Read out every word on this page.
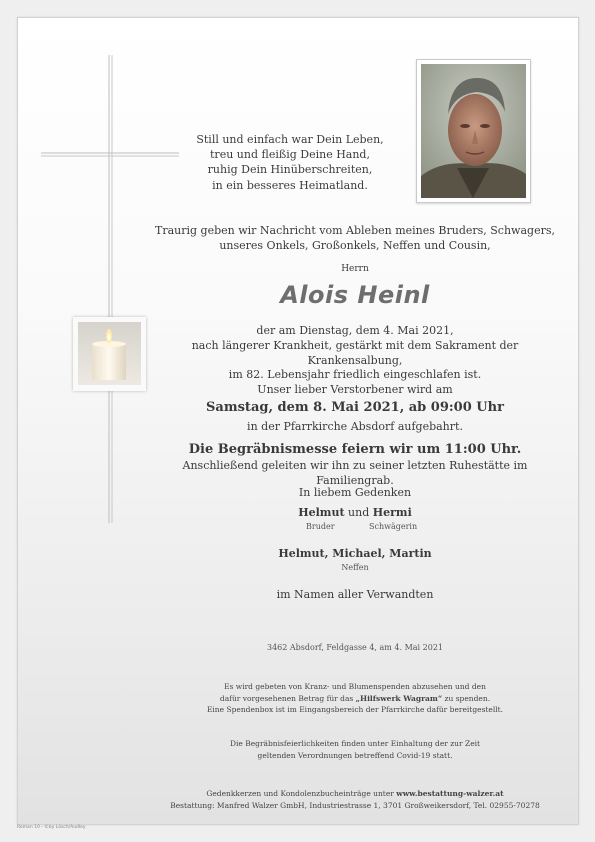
Still und einfach war Dein Leben,
treu und fleißig Deine Hand,
ruhig Dein Hinüberschreiten,
in ein besseres Heimatland.
Traurig geben wir Nachricht vom Ableben meines Bruders, Schwagers,
unseres Onkels, Großonkels, Neffen und Cousin,
Herrn
Alois Heinl
der am Dienstag, dem 4. Mai 2021,
nach längerer Krankheit, gestärkt mit dem Sakrament der Krankensalbung,
im 82. Lebensjahr friedlich eingeschlafen ist.
Unser lieber Verstorbener wird am
Samstag, dem 8. Mai 2021, ab 09:00 Uhr
in der Pfarrkirche Absdorf aufgebahrt.
Die Begräbnismesse feiern wir um 11:00 Uhr.
Anschließend geleiten wir ihn zu seiner letzten Ruhestätte im Familiengrab.
In liebem Gedenken
Helmut und Hermi
Bruder	Schwägerin
Helmut, Michael, Martin
Neffen
im Namen aller Verwandten
3462 Absdorf, Feldgasse 4, am 4. Mai 2021
Es wird gebeten von Kranz- und Blumenspenden abzusehen und den
dafür vorgesehenen Betrag für das „Hilfswerk Wagram“ zu spenden.
Eine Spendenbox ist im Eingangsbereich der Pfarrkirche dafür bereitgestellt.
Die Begräbnisfeierlichkeiten finden unter Einhaltung der zur Zeit
geltenden Verordnungen betreffend Covid-19 statt.
Gedenkkerzen und Kondolenzbucheinträge unter www.bestattung-walzer.at
Bestattung: Manfred Walzer GmbH, Industriestrasse 1, 3701 Großweikersdorf, Tel. 02955-70278
Roman 10 - ©by Lösch/Audley
